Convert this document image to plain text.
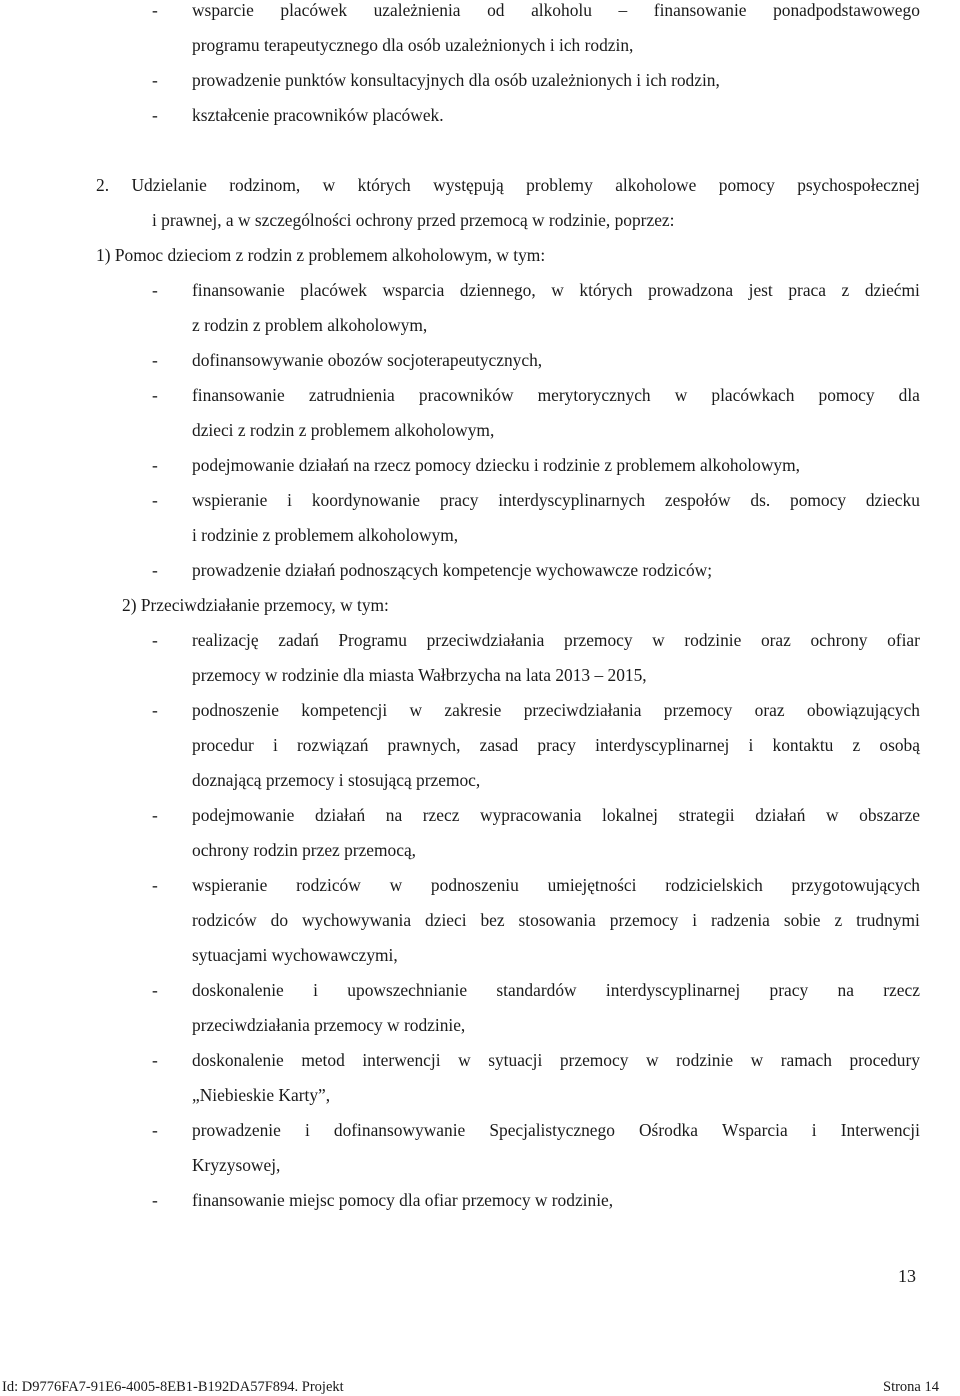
- wsparcie placówek uzależnienia od alkoholu – finansowanie ponadpodstawowego
programu terapeutycznego dla osób uzależnionych i ich rodzin,
- prowadzenie punktów konsultacyjnych dla osób uzależnionych i ich rodzin,
- kształcenie pracowników placówek.
2. Udzielanie rodzinom, w których występują problemy alkoholowe pomocy psychospołecznej
i prawnej, a w szczególności ochrony przed przemocą w rodzinie, poprzez:
1) Pomoc dzieciom z rodzin z problemem alkoholowym, w tym:
- finansowanie placówek wsparcia dziennego, w których prowadzona jest praca z dziećmi
z rodzin z problem alkoholowym,
- dofinansowywanie obozów socjoterapeutycznych,
- finansowanie zatrudnienia pracowników merytorycznych w placówkach pomocy dla
dzieci z rodzin z problemem alkoholowym,
- podejmowanie działań na rzecz pomocy dziecku i rodzinie z problemem alkoholowym,
- wspieranie i koordynowanie pracy interdyscyplinarnych zespołów ds. pomocy dziecku
i rodzinie z problemem alkoholowym,
- prowadzenie działań podnoszących kompetencje wychowawcze rodziców;
2) Przeciwdziałanie przemocy, w tym:
- realizację zadań Programu przeciwdziałania przemocy w rodzinie oraz ochrony ofiar
przemocy w rodzinie dla miasta Wałbrzycha na lata 2013 – 2015,
- podnoszenie kompetencji w zakresie przeciwdziałania przemocy oraz obowiązujących
procedur i rozwiązań prawnych, zasad pracy interdyscyplinarnej i kontaktu z osobą
doznającą przemocy i stosującą przemoc,
- podejmowanie działań na rzecz wypracowania lokalnej strategii działań w obszarze
ochrony rodzin przez przemocą,
- wspieranie rodziców w podnoszeniu umiejętności rodzicielskich przygotowujących
rodziców do wychowywania dzieci bez stosowania przemocy i radzenia sobie z trudnymi
sytuacjami wychowawczymi,
- doskonalenie i upowszechnianie standardów interdyscyplinarnej pracy na rzecz
przeciwdziałania przemocy w rodzinie,
- doskonalenie metod interwencji w sytuacji przemocy w rodzinie w ramach procedury
„Niebieskie Karty”,
- prowadzenie i dofinansowywanie Specjalistycznego Ośrodka Wsparcia i Interwencji
Kryzysowej,
- finansowanie miejsc pomocy dla ofiar przemocy w rodzinie,
13
Id: D9776FA7-91E6-4005-8EB1-B192DA57F894. Projekt	Strona 14
